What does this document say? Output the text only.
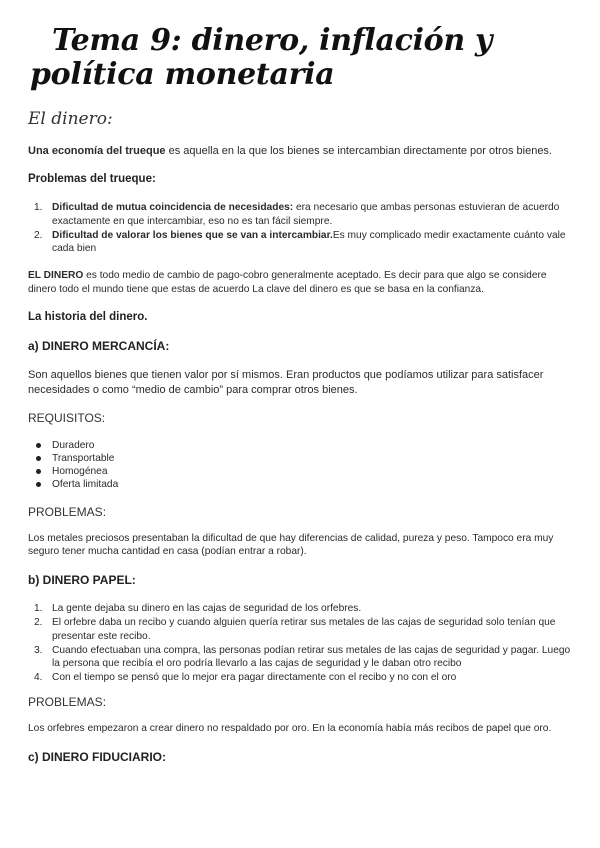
Tema 9: dinero, inflación y
política monetaria
El dinero:

Una economía del trueque es aquella en la que los bienes se intercambian directamente por otros bienes.

Problemas del trueque:
1. Dificultad de mutua coincidencia de necesidades: era necesario que ambas personas estuvieran de acuerdo exactamente en que intercambiar, eso no es tan fácil siempre.
2. Dificultad de valorar los bienes que se van a intercambiar.Es muy complicado medir exactamente cuánto vale cada bien

EL DINERO es todo medio de cambio de pago-cobro generalmente aceptado. Es decir para que algo se considere dinero todo el mundo tiene que estas de acuerdo La clave del dinero es que se basa en la confianza.

La historia del dinero.
a) DINERO MERCANCÍA:

Son aquellos bienes que tienen valor por sí mismos. Eran productos que podíamos utilizar para satisfacer necesidades o como “medio de cambio” para comprar otros bienes.

REQUISITOS:
Duradero
Transportable
Homogénea
Oferta limitada
PROBLEMAS:

Los metales preciosos presentaban la dificultad de que hay diferencias de calidad, pureza y peso. Tampoco era muy seguro tener mucha cantidad en casa (podían entrar a robar).

b) DINERO PAPEL:
1. La gente dejaba su dinero en las cajas de seguridad de los orfebres.
2. El orfebre daba un recibo y cuando alguien quería retirar sus metales de las cajas de seguridad solo tenían que presentar este recibo.
3. Cuando efectuaban una compra, las personas podían retirar sus metales de las cajas de seguridad y pagar. Luego la persona que recibía el oro podría llevarlo a las cajas de seguridad y le daban otro recibo
4. Con el tiempo se pensó que lo mejor era pagar directamente con el recibo y no con el oro
PROBLEMAS:

Los orfebres empezaron a crear dinero no respaldado por oro. En la economía había más recibos de papel que oro.

c) DINERO FIDUCIARIO:
